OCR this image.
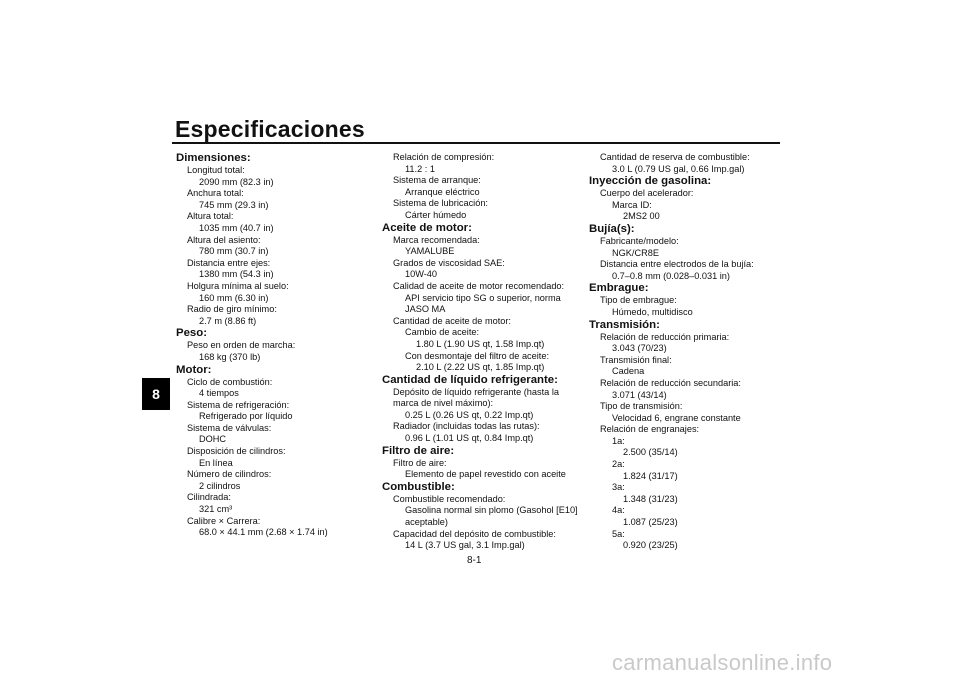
Especificaciones
8
Dimensiones:
Longitud total:
2090 mm (82.3 in)
Anchura total:
745 mm (29.3 in)
Altura total:
1035 mm (40.7 in)
Altura del asiento:
780 mm (30.7 in)
Distancia entre ejes:
1380 mm (54.3 in)
Holgura mínima al suelo:
160 mm (6.30 in)
Radio de giro mínimo:
2.7 m (8.86 ft)
Peso:
Peso en orden de marcha:
168 kg (370 lb)
Motor:
Ciclo de combustión:
4 tiempos
Sistema de refrigeración:
Refrigerado por líquido
Sistema de válvulas:
DOHC
Disposición de cilindros:
En línea
Número de cilindros:
2 cilindros
Cilindrada:
321 cm³
Calibre × Carrera:
68.0 × 44.1 mm (2.68 × 1.74 in)
Relación de compresión:
11.2 : 1
Sistema de arranque:
Arranque eléctrico
Sistema de lubricación:
Cárter húmedo
Aceite de motor:
Marca recomendada:
YAMALUBE
Grados de viscosidad SAE:
10W-40
Calidad de aceite de motor recomendado:
API servicio tipo SG o superior, norma
JASO MA
Cantidad de aceite de motor:
Cambio de aceite:
1.80 L (1.90 US qt, 1.58 Imp.qt)
Con desmontaje del filtro de aceite:
2.10 L (2.22 US qt, 1.85 Imp.qt)
Cantidad de líquido refrigerante:
Depósito de líquido refrigerante (hasta la
marca de nivel máximo):
0.25 L (0.26 US qt, 0.22 Imp.qt)
Radiador (incluidas todas las rutas):
0.96 L (1.01 US qt, 0.84 Imp.qt)
Filtro de aire:
Filtro de aire:
Elemento de papel revestido con aceite
Combustible:
Combustible recomendado:
Gasolina normal sin plomo (Gasohol [E10]
aceptable)
Capacidad del depósito de combustible:
14 L (3.7 US gal, 3.1 Imp.gal)
Cantidad de reserva de combustible:
3.0 L (0.79 US gal, 0.66 Imp.gal)
Inyección de gasolina:
Cuerpo del acelerador:
Marca ID:
2MS2 00
Bujía(s):
Fabricante/modelo:
NGK/CR8E
Distancia entre electrodos de la bujía:
0.7–0.8 mm (0.028–0.031 in)
Embrague:
Tipo de embrague:
Húmedo, multidisco
Transmisión:
Relación de reducción primaria:
3.043 (70/23)
Transmisión final:
Cadena
Relación de reducción secundaria:
3.071 (43/14)
Tipo de transmisión:
Velocidad 6, engrane constante
Relación de engranajes:
1a:
2.500 (35/14)
2a:
1.824 (31/17)
3a:
1.348 (31/23)
4a:
1.087 (25/23)
5a:
0.920 (23/25)
8-1
carmanualsonline.info
